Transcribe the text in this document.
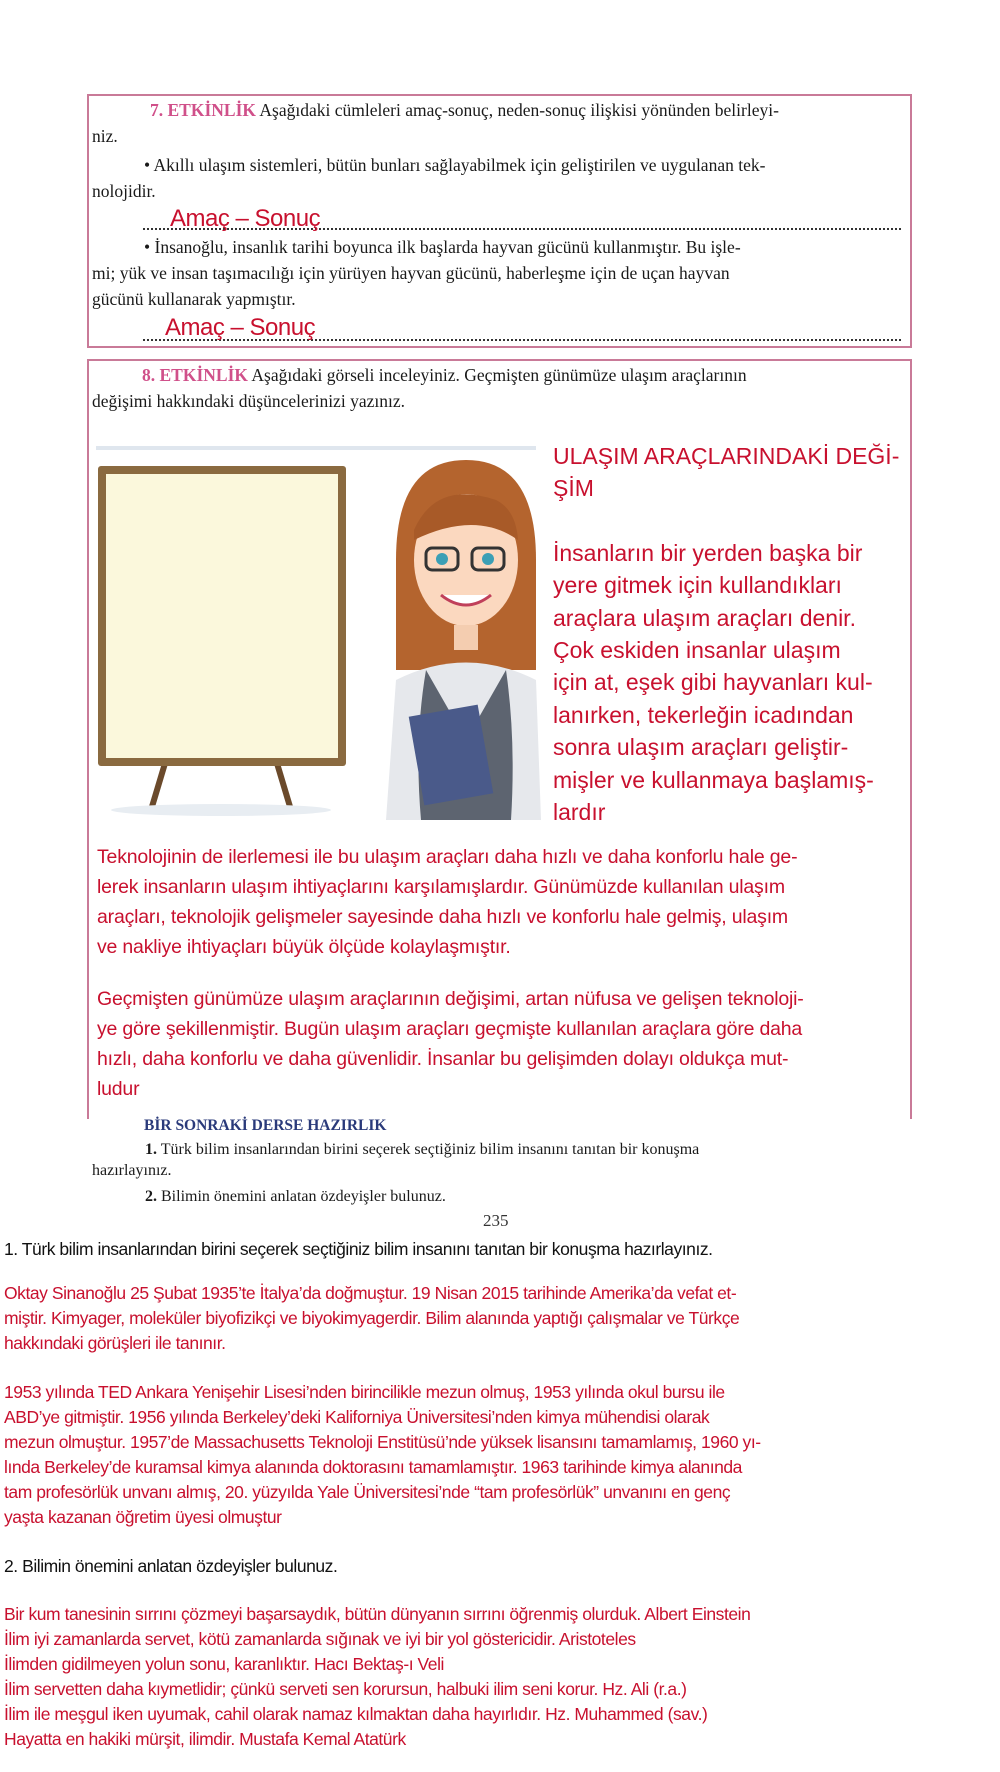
7. ETKİNLİK Aşağıdaki cümleleri amaç-sonuç, neden-sonuç ilişkisi yönünden belirleyi-
niz.
• Akıllı ulaşım sistemleri, bütün bunları sağlayabilmek için geliştirilen ve uygulanan tek-
nolojidir.
Amaç – Sonuç
• İnsanoğlu, insanlık tarihi boyunca ilk başlarda hayvan gücünü kullanmıştır. Bu işle-
mi; yük ve insan taşımacılığı için yürüyen hayvan gücünü, haberleşme için de uçan hayvan
gücünü kullanarak yapmıştır.
Amaç – Sonuç
8. ETKİNLİK Aşağıdaki görseli inceleyiniz. Geçmişten günümüze ulaşım araçlarının
değişimi hakkındaki düşüncelerinizi yazınız.
ULAŞIM ARAÇLARINDAKİ DEĞİ-
ŞİM
İnsanların bir yerden başka bir
yere gitmek için kullandıkları
araçlara ulaşım araçları denir.
Çok eskiden insanlar ulaşım
için at, eşek gibi hayvanları kul-
lanırken, tekerleğin icadından
sonra ulaşım araçları geliştir-
mişler ve kullanmaya başlamış-
lardır
Teknolojinin de ilerlemesi ile bu ulaşım araçları daha hızlı ve daha konforlu hale ge-
lerek insanların ulaşım ihtiyaçlarını karşılamışlardır. Günümüzde kullanılan ulaşım
araçları, teknolojik gelişmeler sayesinde daha hızlı ve konforlu hale gelmiş, ulaşım
ve nakliye ihtiyaçları büyük ölçüde kolaylaşmıştır.
Geçmişten günümüze ulaşım araçlarının değişimi, artan nüfusa ve gelişen teknoloji-
ye göre şekillenmiştir. Bugün ulaşım araçları geçmişte kullanılan araçlara göre daha
hızlı, daha konforlu ve daha güvenlidir. İnsanlar bu gelişimden dolayı oldukça mut-
ludur
BİR SONRAKİ DERSE HAZIRLIK
1. Türk bilim insanlarından birini seçerek seçtiğiniz bilim insanını tanıtan bir konuşma
hazırlayınız.
2. Bilimin önemini anlatan özdeyişler bulunuz.
235
1. Türk bilim insanlarından birini seçerek seçtiğiniz bilim insanını tanıtan bir konuşma hazırlayınız.
Oktay Sinanoğlu 25 Şubat 1935’te İtalya’da doğmuştur. 19 Nisan 2015 tarihinde Amerika’da vefat et-
miştir. Kimyager, moleküler biyofizikçi ve biyokimyagerdir. Bilim alanında yaptığı çalışmalar ve Türkçe
hakkındaki görüşleri ile tanınır.
1953 yılında TED Ankara Yenişehir Lisesi’nden birincilikle mezun olmuş, 1953 yılında okul bursu ile
ABD’ye gitmiştir. 1956 yılında Berkeley’deki Kaliforniya Üniversitesi’nden kimya mühendisi olarak
mezun olmuştur. 1957’de Massachusetts Teknoloji Enstitüsü’nde yüksek lisansını tamamlamış, 1960 yı-
lında Berkeley’de kuramsal kimya alanında doktorasını tamamlamıştır. 1963 tarihinde kimya alanında
tam profesörlük unvanı almış, 20. yüzyılda Yale Üniversitesi’nde “tam profesörlük” unvanını en genç
yaşta kazanan öğretim üyesi olmuştur
2. Bilimin önemini anlatan özdeyişler bulunuz.
Bir kum tanesinin sırrını çözmeyi başarsaydık, bütün dünyanın sırrını öğrenmiş olurduk. Albert Einstein
İlim iyi zamanlarda servet, kötü zamanlarda sığınak ve iyi bir yol göstericidir. Aristoteles
İlimden gidilmeyen yolun sonu, karanlıktır. Hacı Bektaş-ı Veli
İlim servetten daha kıymetlidir; çünkü serveti sen korursun, halbuki ilim seni korur. Hz. Ali (r.a.)
İlim ile meşgul iken uyumak, cahil olarak namaz kılmaktan daha hayırlıdır. Hz. Muhammed (sav.)
Hayatta en hakiki mürşit, ilimdir. Mustafa Kemal Atatürk
